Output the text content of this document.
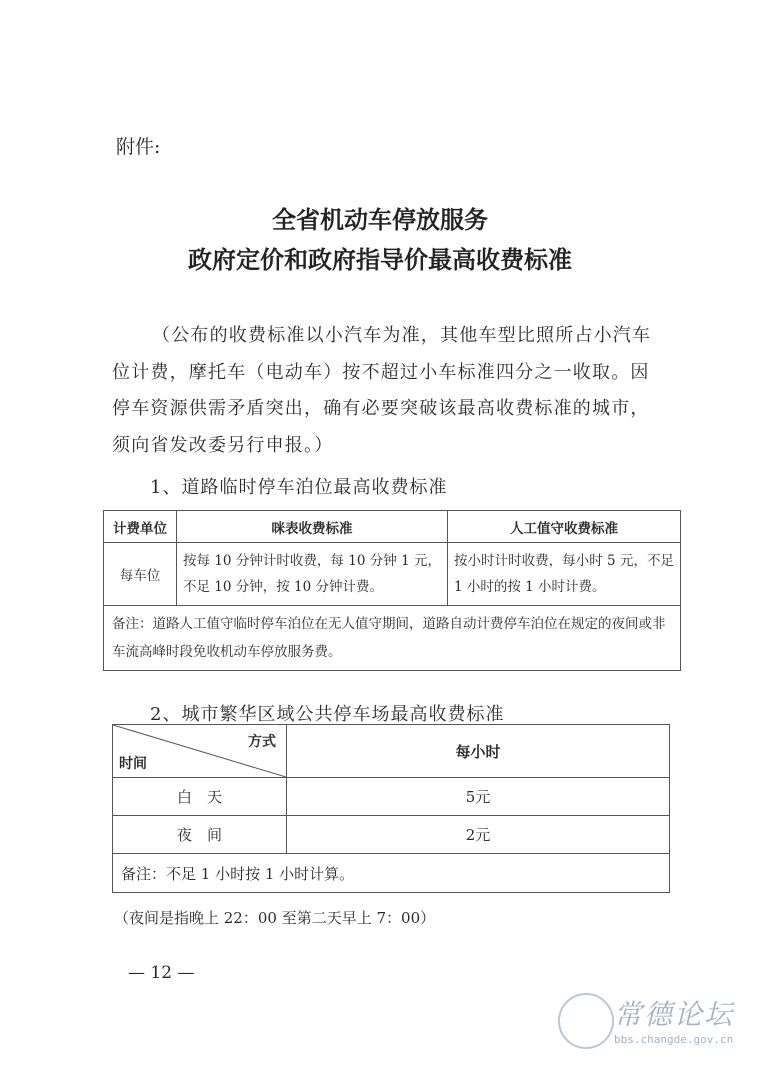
附件:
全省机动车停放服务
政府定价和政府指导价最高收费标准
（公布的收费标准以小汽车为准，其他车型比照所占小汽车位计费，摩托车（电动车）按不超过小车标准四分之一收取。因停车资源供需矛盾突出，确有必要突破该最高收费标准的城市，须向省发改委另行申报。）
1、道路临时停车泊位最高收费标准
计费单位	咪表收费标准	人工值守收费标准
每车位	按每 10 分钟计时收费，每 10 分钟 1 元，不足 10 分钟，按 10 分钟计费。	按小时计时收费，每小时 5 元，不足 1 小时的按 1 小时计费。
备注：道路人工值守临时停车泊位在无人值守期间，道路自动计费停车泊位在规定的夜间或非车流高峰时段免收机动车停放服务费。		
2、城市繁华区域公共停车场最高收费标准
方式
时间	每小时
白　天	5元
夜　间	2元
备注：不足 1 小时按 1 小时计算。	
（夜间是指晚上 22：00 至第二天早上 7：00）
— 12 —
常德论坛
bbs.changde.gov.cn
